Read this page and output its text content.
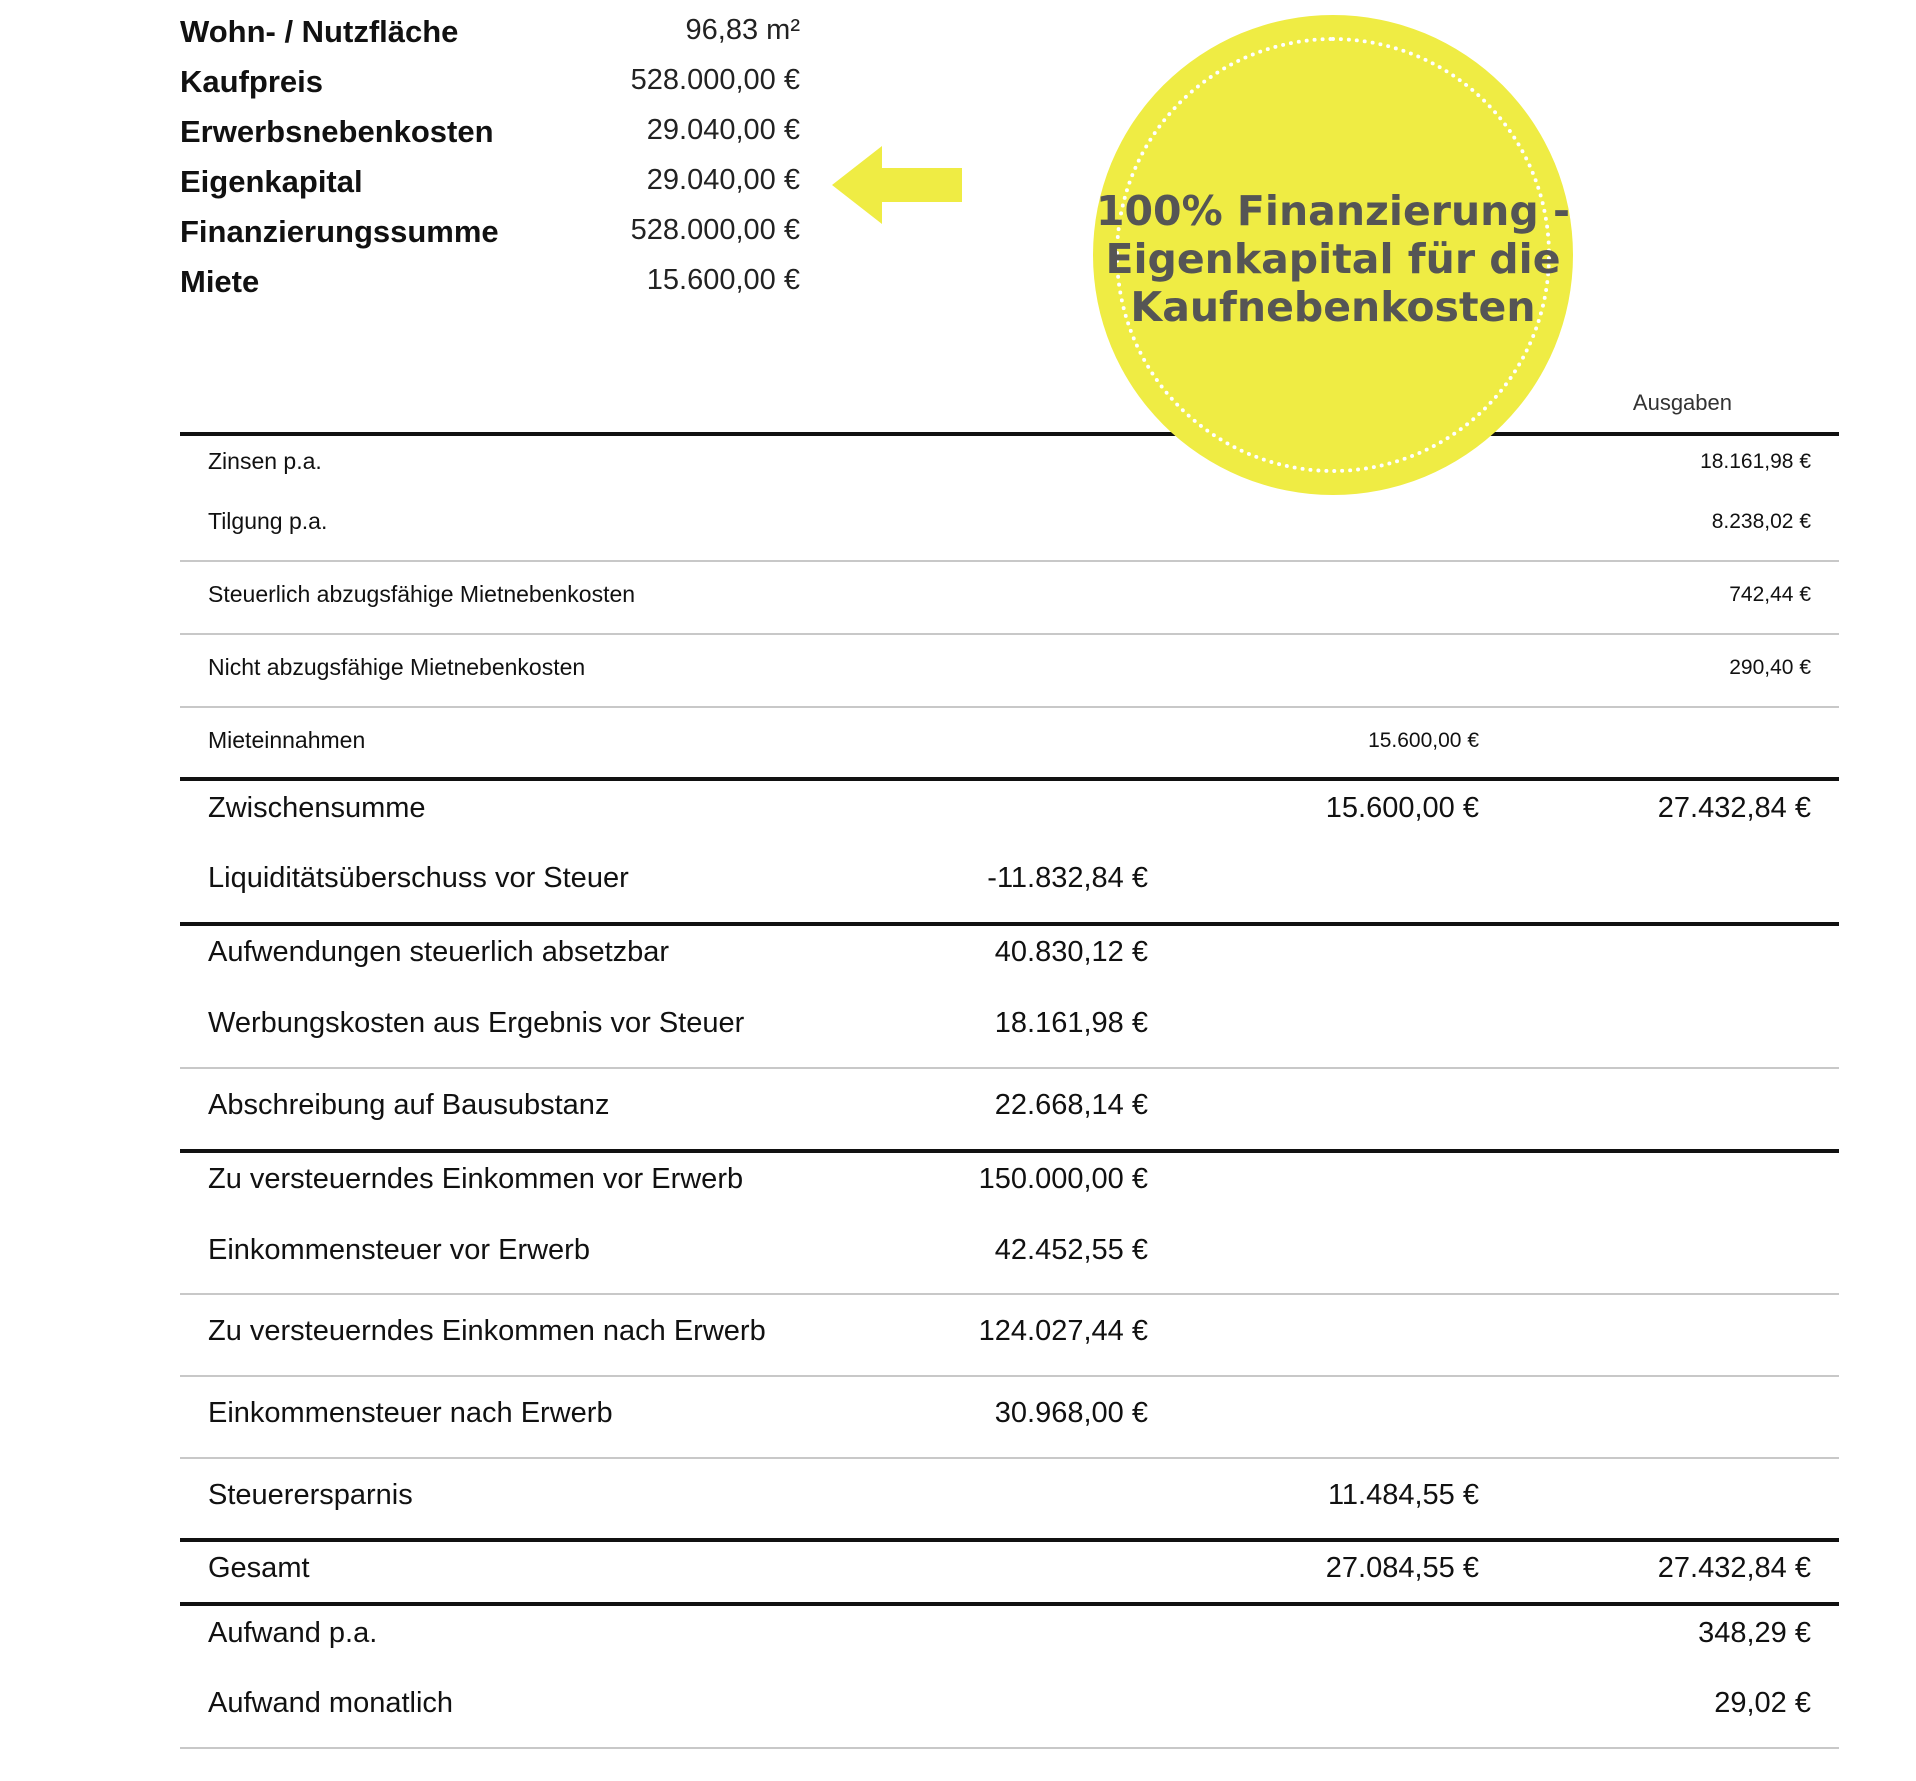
Wohn- / Nutzfläche	96,83 m²
Kaufpreis	528.000,00 €
Erwerbsnebenkosten	29.040,00 €
Eigenkapital	29.040,00 €
Finanzierungssumme	528.000,00 €
Miete	15.600,00 €
Ausgaben
Zinsen p.a.	18.161,98 €
Tilgung p.a.	8.238,02 €
Steuerlich abzugsfähige Mietnebenkosten	742,44 €
Nicht abzugsfähige Mietnebenkosten	290,40 €
Mieteinnahmen	15.600,00 €
Zwischensumme	15.600,00 €	27.432,84 €
Liquiditätsüberschuss vor Steuer	-11.832,84 €
Aufwendungen steuerlich absetzbar	40.830,12 €
Werbungskosten aus Ergebnis vor Steuer	18.161,98 €
Abschreibung auf Bausubstanz	22.668,14 €
Zu versteuerndes Einkommen vor Erwerb	150.000,00 €
Einkommensteuer vor Erwerb	42.452,55 €
Zu versteuerndes Einkommen nach Erwerb	124.027,44 €
Einkommensteuer nach Erwerb	30.968,00 €
Steuerersparnis	11.484,55 €
Gesamt	27.084,55 €	27.432,84 €
Aufwand p.a.	348,29 €
Aufwand monatlich	29,02 €
100% Finanzierung -
Eigenkapital für die
Kaufnebenkosten
